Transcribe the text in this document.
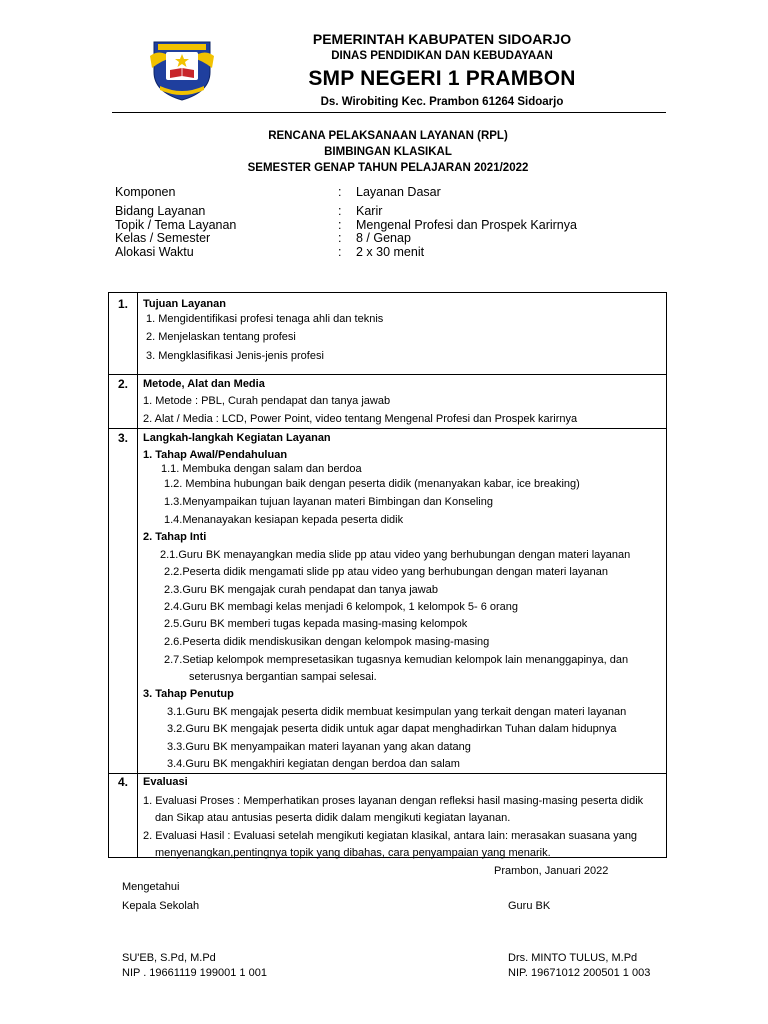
PEMERINTAH KABUPATEN SIDOARJO
DINAS PENDIDIKAN DAN KEBUDAYAAN
SMP NEGERI 1 PRAMBON
Ds. Wirobiting Kec. Prambon 61264 Sidoarjo
RENCANA PELAKSANAAN LAYANAN (RPL)
BIMBINGAN KLASIKAL
SEMESTER GENAP TAHUN PELAJARAN 2021/2022
Komponen	: Layanan Dasar
Bidang Layanan	: Karir
Topik / Tema Layanan	: Mengenal Profesi dan Prospek Karirnya
Kelas / Semester	: 8 / Genap
Alokasi Waktu	: 2 x 30 menit
1.	Tujuan Layanan
1. Mengidentifikasi profesi tenaga ahli dan teknis
2. Menjelaskan tentang profesi
3. Mengklasifikasi Jenis-jenis profesi
2.	Metode, Alat dan Media
1. Metode : PBL, Curah pendapat dan tanya jawab
2. Alat / Media : LCD, Power Point, video tentang Mengenal Profesi dan Prospek karirnya
3.	Langkah-langkah Kegiatan Layanan
1. Tahap Awal/Pendahuluan
1.1. Membuka dengan salam dan berdoa
1.2. Membina hubungan baik dengan peserta didik (menanyakan kabar, ice breaking)
1.3.Menyampaikan tujuan layanan materi Bimbingan dan Konseling
1.4.Menanayakan kesiapan kepada peserta didik
2. Tahap Inti
2.1.Guru BK menayangkan media slide pp atau video yang berhubungan dengan materi layanan
2.2.Peserta didik mengamati slide pp atau video yang berhubungan dengan materi layanan
2.3.Guru BK mengajak curah pendapat dan tanya jawab
2.4.Guru BK membagi kelas menjadi 6 kelompok, 1 kelompok 5- 6 orang
2.5.Guru BK memberi tugas kepada masing-masing kelompok
2.6.Peserta didik mendiskusikan dengan kelompok masing-masing
2.7.Setiap kelompok mempresetasikan tugasnya kemudian kelompok lain menanggapinya, dan
seterusnya bergantian sampai selesai.
3. Tahap Penutup
3.1.Guru BK mengajak peserta didik membuat kesimpulan yang terkait dengan materi layanan
3.2.Guru BK mengajak peserta didik untuk agar dapat menghadirkan Tuhan dalam hidupnya
3.3.Guru BK menyampaikan materi layanan yang akan datang
3.4.Guru BK mengakhiri kegiatan dengan berdoa dan salam
4.	Evaluasi
1. Evaluasi Proses : Memperhatikan proses layanan dengan refleksi hasil masing-masing peserta didik
dan Sikap atau antusias peserta didik dalam mengikuti kegiatan layanan.
2. Evaluasi Hasil : Evaluasi setelah mengikuti kegiatan klasikal, antara lain: merasakan suasana yang
menyenangkan,pentingnya topik yang dibahas, cara penyampaian yang menarik.
Prambon, Januari 2022
Mengetahui
Kepala Sekolah	Guru BK
SU'EB, S.Pd, M.Pd
NIP . 19661119 199001 1 001
Drs. MINTO TULUS, M.Pd
NIP. 19671012 200501 1 003
